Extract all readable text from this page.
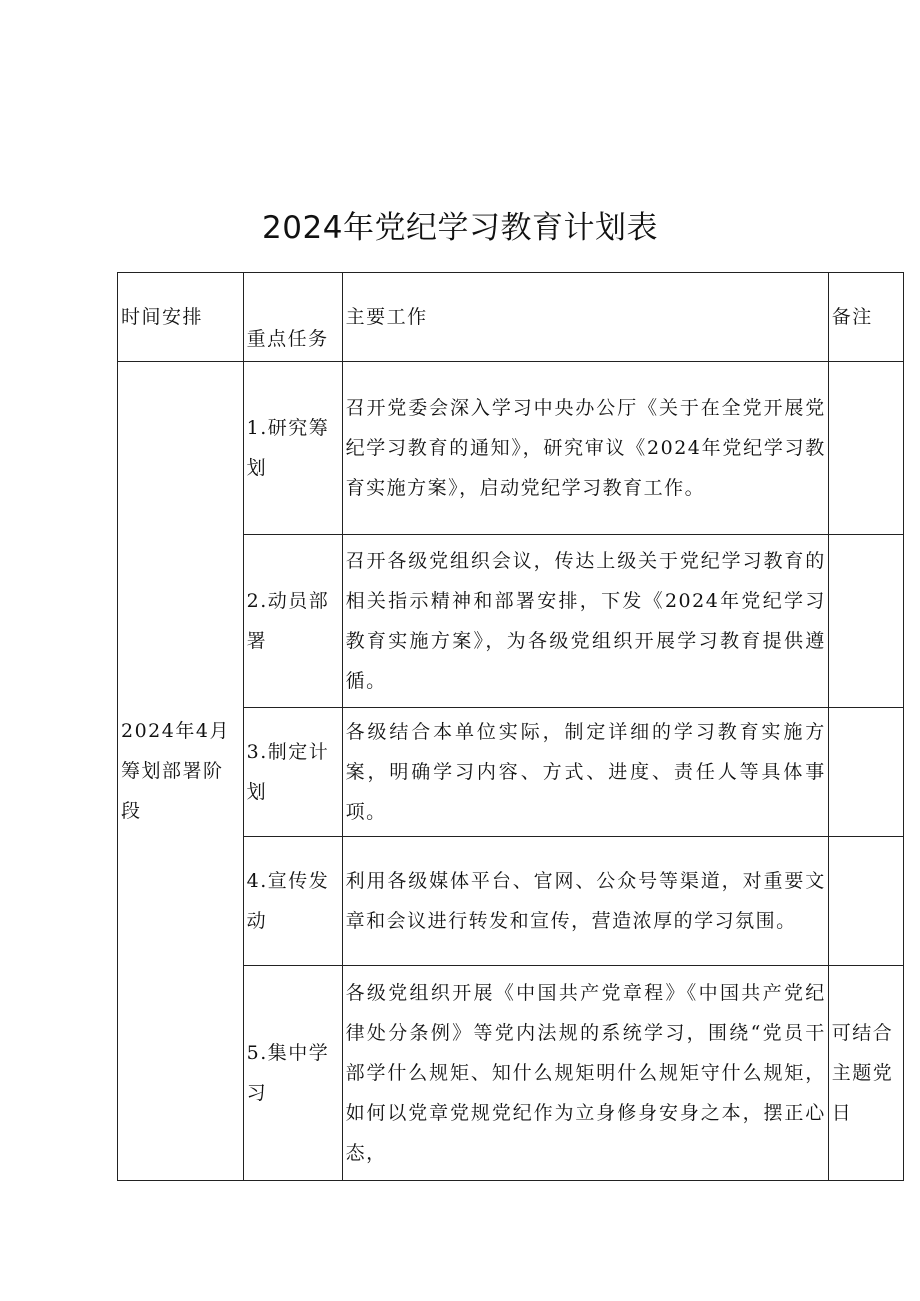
2024年党纪学习教育计划表
时间安排	重点任务	主要工作	备注
2024年4月筹划部署阶段	1.研究筹划	召开党委会深入学习中央办公厅《关于在全党开展党纪学习教育的通知》，研究审议《2024年党纪学习教育实施方案》，启动党纪学习教育工作。	
	2.动员部署	召开各级党组织会议，传达上级关于党纪学习教育的相关指示精神和部署安排，下发《2024年党纪学习教育实施方案》，为各级党组织开展学习教育提供遵循。	
	3.制定计划	各级结合本单位实际，制定详细的学习教育实施方案，明确学习内容、方式、进度、责任人等具体事项。	
	4.宣传发动	利用各级媒体平台、官网、公众号等渠道，对重要文章和会议进行转发和宣传，营造浓厚的学习氛围。	
	5.集中学习	各级党组织开展《中国共产党章程》《中国共产党纪律处分条例》等党内法规的系统学习，围绕“党员干部学什么规矩、知什么规矩明什么规矩守什么规矩，如何以党章党规党纪作为立身修身安身之本，摆正心态，	可结合主题党日
